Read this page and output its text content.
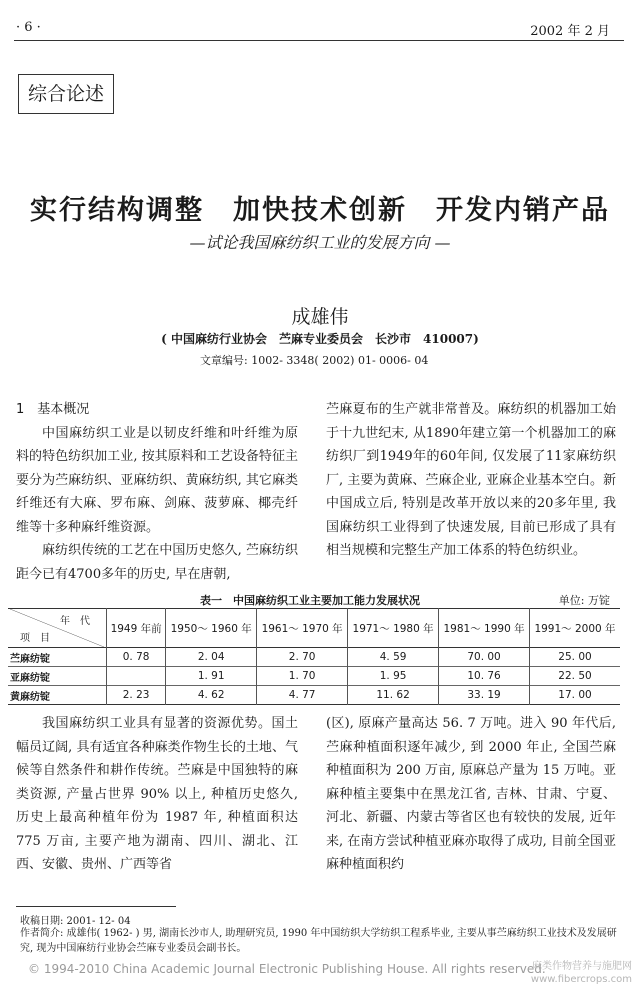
· 6 ·	2002 年 2 月
综合论述
实行结构调整　加快技术创新　开发内销产品
—试论我国麻纺织工业的发展方向 —
成雄伟
( 中国麻纺行业协会　苎麻专业委员会　长沙市　410007)
文章编号: 1002- 3348( 2002) 01- 0006- 04

1　基本概况

中国麻纺织工业是以韧皮纤维和叶纤维为原料的特色纺织加工业, 按其原料和工艺设备特征主要分为苎麻纺织、亚麻纺织、黄麻纺织, 其它麻类纤维还有大麻、罗布麻、剑麻、菠萝麻、椰壳纤维等十多种麻纤维资源。

麻纺织传统的工艺在中国历史悠久, 苎麻纺织距今已有4700多年的历史, 早在唐朝,

苎麻夏布的生产就非常普及。麻纺织的机器加工始于十九世纪末, 从1890年建立第一个机器加工的麻纺织厂到1949年的60年间, 仅发展了11家麻纺织厂, 主要为黄麻、苎麻企业, 亚麻企业基本空白。新中国成立后, 特别是改革开放以来的20多年里, 我国麻纺织工业得到了快速发展, 目前已形成了具有相当规模和完整生产加工体系的特色纺织业。

表一　中国麻纺织工业主要加工能力发展状况	单位: 万锭
年　代
项　目	1949 年前	1950～ 1960 年	1961～ 1970 年	1971～ 1980 年	1981～ 1990 年	1991～ 2000 年
苎麻纺锭	0. 78	2. 04	2. 70	4. 59	70. 00	25. 00
亚麻纺锭		1. 91	1. 70	1. 95	10. 76	22. 50
黄麻纺锭	2. 23	4. 62	4. 77	11. 62	33. 19	17. 00

我国麻纺织工业具有显著的资源优势。国土幅员辽阔, 具有适宜各种麻类作物生长的土地、气候等自然条件和耕作传统。苎麻是中国独特的麻类资源, 产量占世界 90% 以上, 种植历史悠久, 历史上最高种植年份为 1987 年, 种植面积达 775 万亩, 主要产地为湖南、四川、湖北、江西、安徽、贵州、广西等省

(区), 原麻产量高达 56. 7 万吨。进入 90 年代后, 苎麻种植面积逐年减少, 到 2000 年止, 全国苎麻种植面积为 200 万亩, 原麻总产量为 15 万吨。亚麻种植主要集中在黑龙江省, 吉林、甘肃、宁夏、河北、新疆、内蒙古等省区也有较快的发展, 近年来, 在南方尝试种植亚麻亦取得了成功, 目前全国亚麻种植面积约

收稿日期: 2001- 12- 04
作者简介: 成雄伟( 1962- ) 男, 湖南长沙市人, 助理研究员, 1990 年中国纺织大学纺织工程系毕业, 主要从事苎麻纺织工业技术及发展研究, 现为中国麻纺行业协会苎麻专业委员会副书长。
© 1994-2010 China Academic Journal Electronic Publishing House. All rights reserved.
麻类作物营养与施肥网
www.fibercrops.com
